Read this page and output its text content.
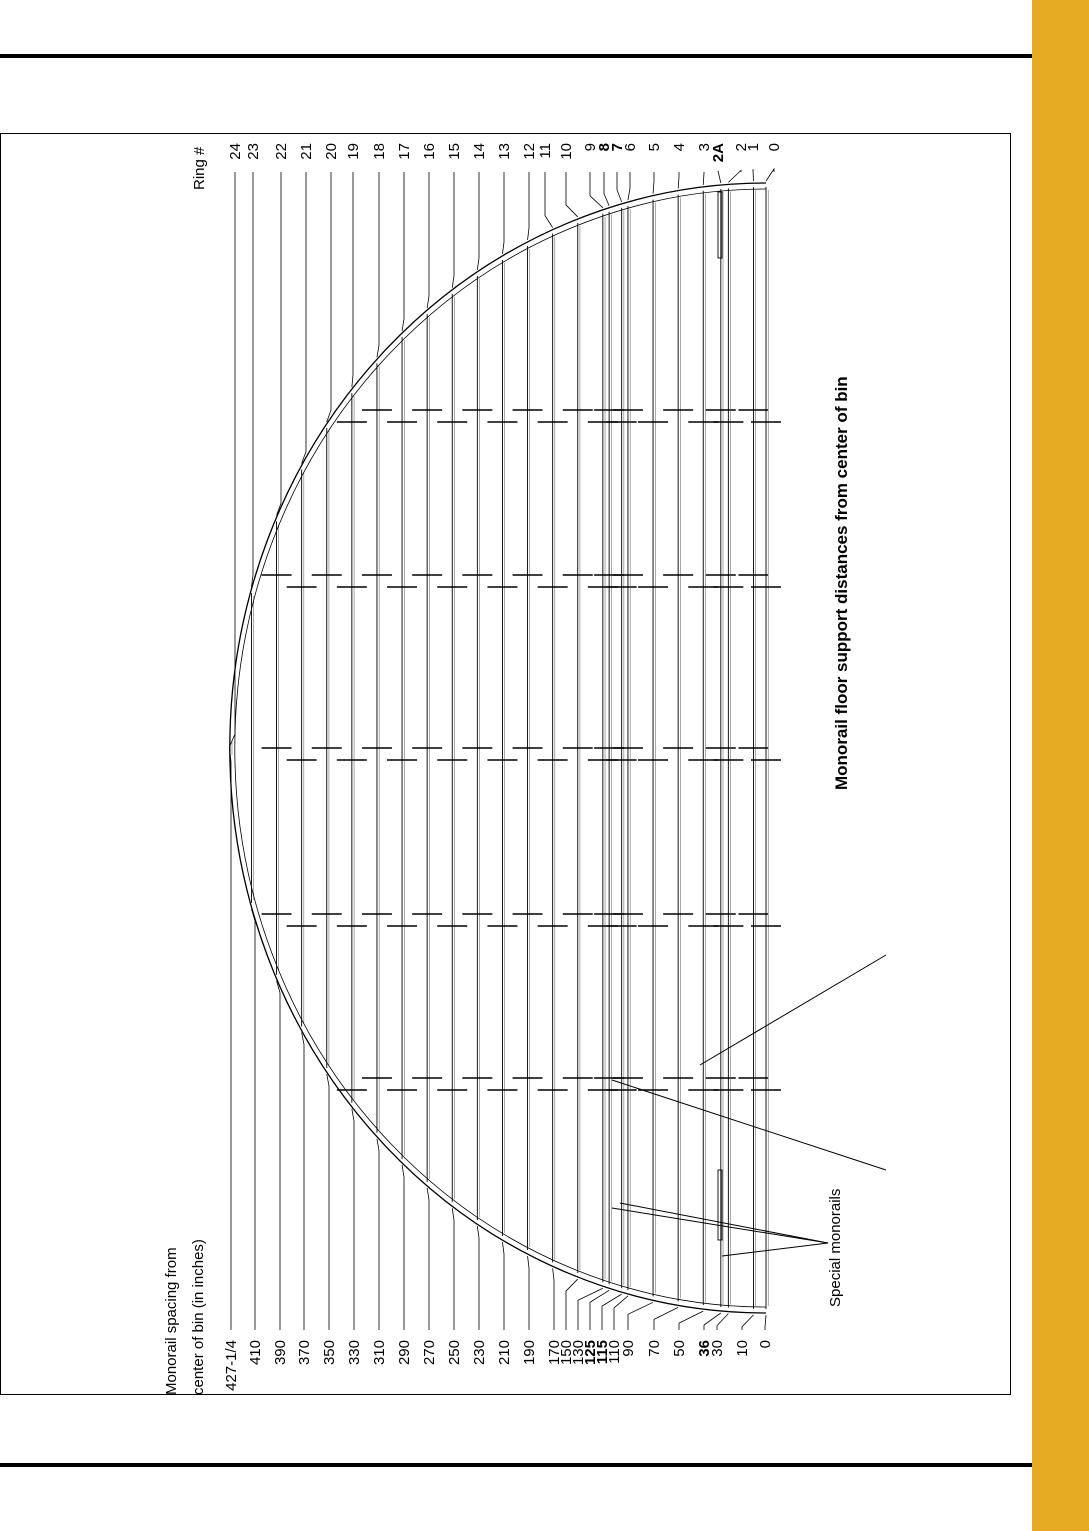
427-1/4
24
410
23
390
22
370
21
350
20
330
19
310
18
290
17
270
16
250
15
230
14
210
13
190
12
170
11
150
10
130
9
125
8
115
7
110
6
90
5
70
4
50
3
36
2A
30
2
10
1
0
0
Monorail spacing from center of bin (in inches)
Ring #
Monorail floor support distances from center of bin
Special monorails
